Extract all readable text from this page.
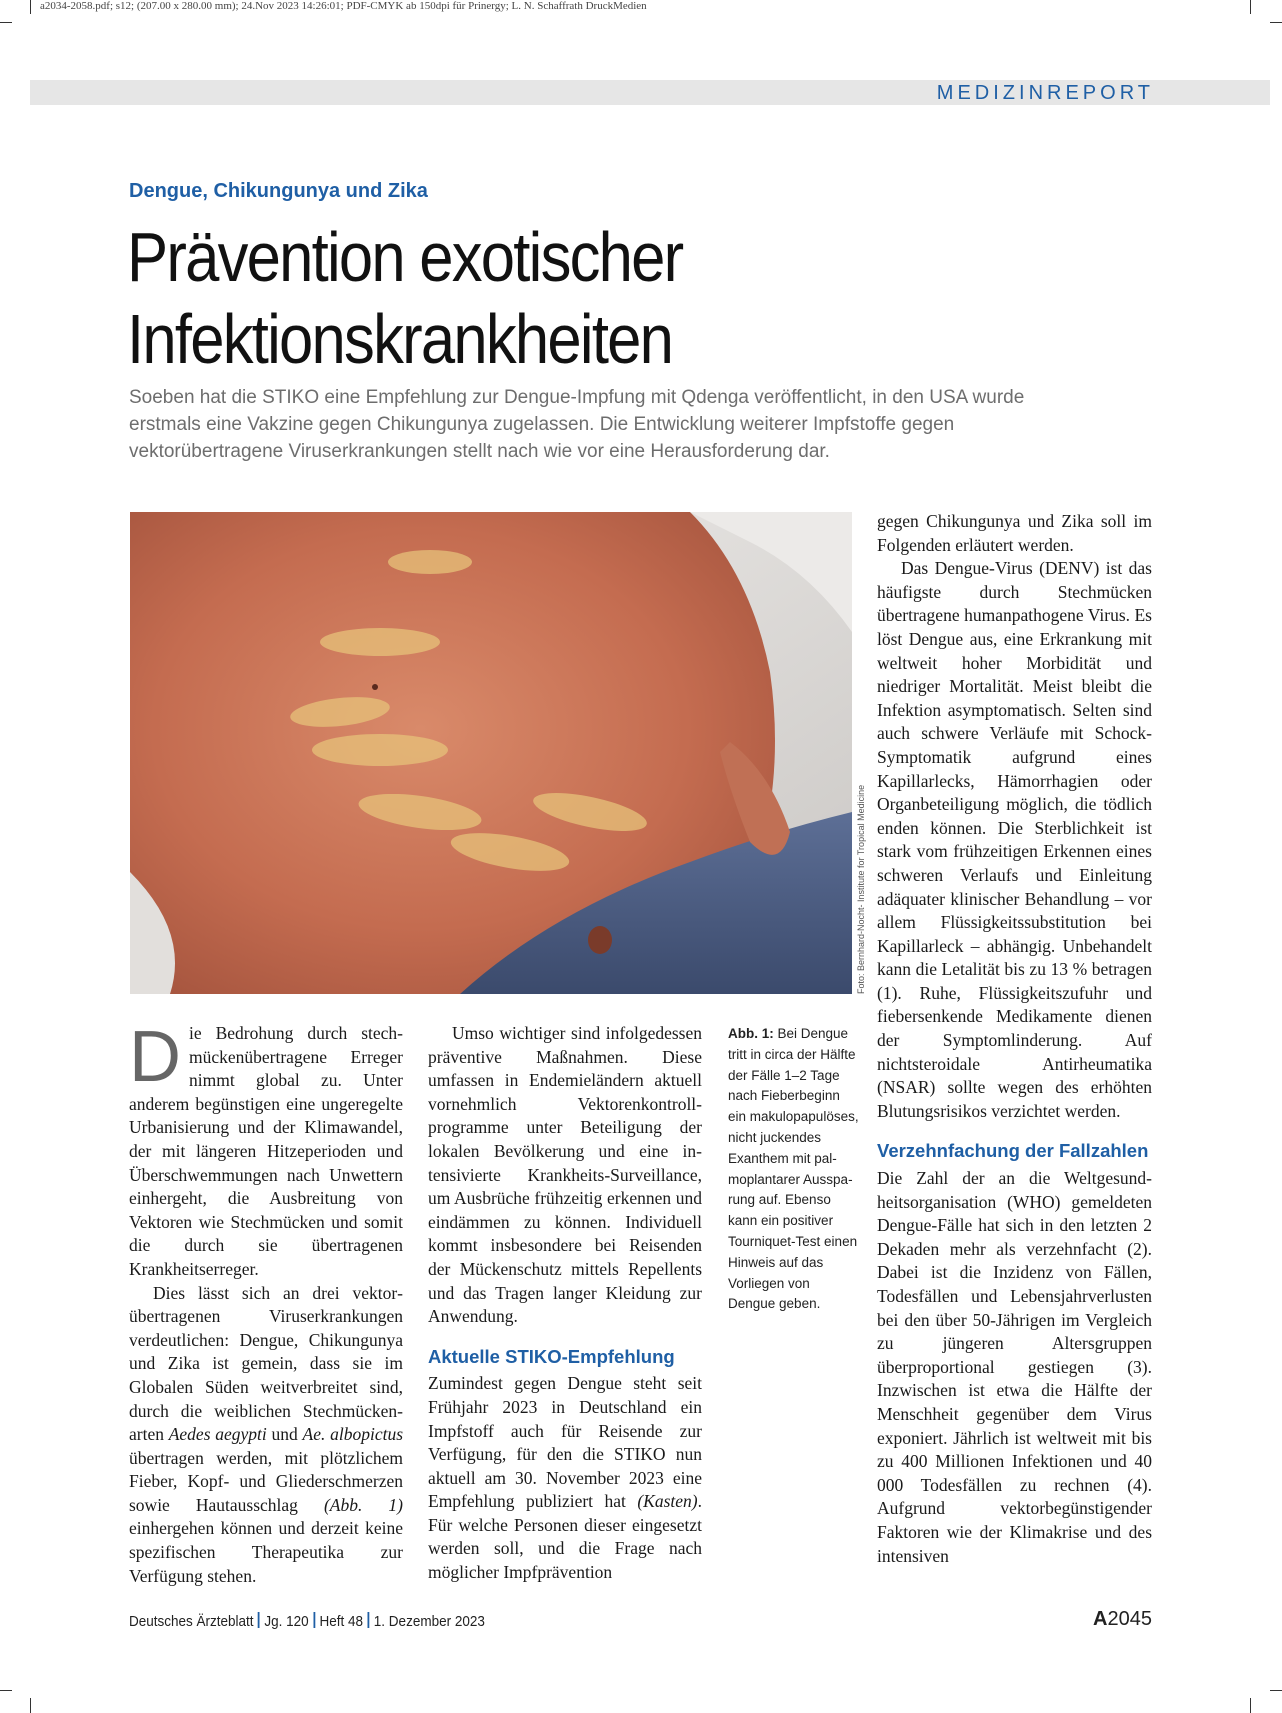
a2034-2058.pdf; s12; (207.00 x 280.00 mm); 24.Nov 2023 14:26:01; PDF-CMYK ab 150dpi für Prinergy; L. N. Schaffrath DruckMedien
MEDIZINREPORT
Dengue, Chikungunya und Zika
Prävention exotischer
Infektionskrankheiten

Soeben hat die STIKO eine Empfehlung zur Dengue-Impfung mit Qdenga veröffentlicht, in den USA wurde erstmals eine Vakzine gegen Chikungunya zugelassen. Die Entwicklung weiterer Impfstoffe gegen vektorübertragene Viruserkrankungen stellt nach wie vor eine Herausforderung dar.

Foto: Bernhard-Nocht- Institute for Tropical Medicine

Die Bedrohung durch stechmückenübertragene Erreger nimmt global zu. Unter anderem begünstigen eine ungeregelte Urbanisierung und der Klimawandel, der mit längeren Hitzeperioden und Überschwemmungen nach Unwettern einhergeht, die Ausbreitung von Vektoren wie Stechmücken und somit die durch sie übertragenen Krankheitserreger.

Dies lässt sich an drei vektorübertragenen Viruserkrankungen verdeutlichen: Dengue, Chikungunya und Zika ist gemein, dass sie im Globalen Süden weitverbreitet sind, durch die weiblichen Stechmückenarten Aedes aegypti und Ae. albopictus übertragen werden, mit plötzlichem Fieber, Kopf- und Gliederschmerzen sowie Hautausschlag (Abb. 1) einhergehen können und derzeit keine spezifischen Therapeutika zur Verfügung stehen.

Umso wichtiger sind infolgedessen präventive Maßnahmen. Diese umfassen in Endemieländern aktuell vornehmlich Vektorenkontrollprogramme unter Beteiligung der lokalen Bevölkerung und eine intensivierte Krankheits-Surveillance, um Ausbrüche frühzeitig erkennen und eindämmen zu können. Individuell kommt insbesondere bei Reisenden der Mückenschutz mittels Repellents und das Tragen langer Kleidung zur Anwendung.

Aktuelle STIKO-Empfehlung

Zumindest gegen Dengue steht seit Frühjahr 2023 in Deutschland ein Impfstoff auch für Reisende zur Verfügung, für den die STIKO nun aktuell am 30. November 2023 eine Empfehlung publiziert hat (Kasten). Für welche Personen dieser eingesetzt werden soll, und die Frage nach möglicher Impfprävention

Abb. 1: Bei Dengue tritt in circa der Hälfte der Fälle 1–2 Tage nach Fieberbeginn ein makulopapulöses, nicht juckendes Exanthem mit palmoplantarer Aussparung auf. Ebenso kann ein positiver Tourniquet-Test einen Hinweis auf das Vorliegen von Dengue geben.

gegen Chikungunya und Zika soll im Folgenden erläutert werden.

Das Dengue-Virus (DENV) ist das häufigste durch Stechmücken übertragene humanpathogene Virus. Es löst Dengue aus, eine Erkrankung mit weltweit hoher Morbidität und niedriger Mortalität. Meist bleibt die Infektion asymptomatisch. Selten sind auch schwere Verläufe mit Schock-Symptomatik aufgrund eines Kapillarlecks, Hämorrhagien oder Organbeteiligung möglich, die tödlich enden können. Die Sterblichkeit ist stark vom frühzeitigen Erkennen eines schweren Verlaufs und Einleitung adäquater klinischer Behandlung – vor allem Flüssigkeitssubstitution bei Kapillarleck – abhängig. Unbehandelt kann die Letalität bis zu 13 % betragen (1). Ruhe, Flüssigkeitszufuhr und fiebersenkende Medikamente dienen der Symptomlinderung. Auf nichtsteroidale Antirheumatika (NSAR) sollte wegen des erhöhten Blutungsrisikos verzichtet werden.

Verzehnfachung der Fallzahlen

Die Zahl der an die Weltgesundheitsorganisation (WHO) gemeldeten Dengue-Fälle hat sich in den letzten 2 Dekaden mehr als verzehnfacht (2). Dabei ist die Inzidenz von Fällen, Todesfällen und Lebensjahrverlusten bei den über 50-Jährigen im Vergleich zu jüngeren Altersgruppen überproportional gestiegen (3). Inzwischen ist etwa die Hälfte der Menschheit gegenüber dem Virus exponiert. Jährlich ist weltweit mit bis zu 400 Millionen Infektionen und 40 000 Todesfällen zu rechnen (4). Aufgrund vektorbegünstigender Faktoren wie der Klimakrise und des intensiven

Deutsches Ärzteblatt Jg. 120 Heft 48 1. Dezember 2023	A2045
